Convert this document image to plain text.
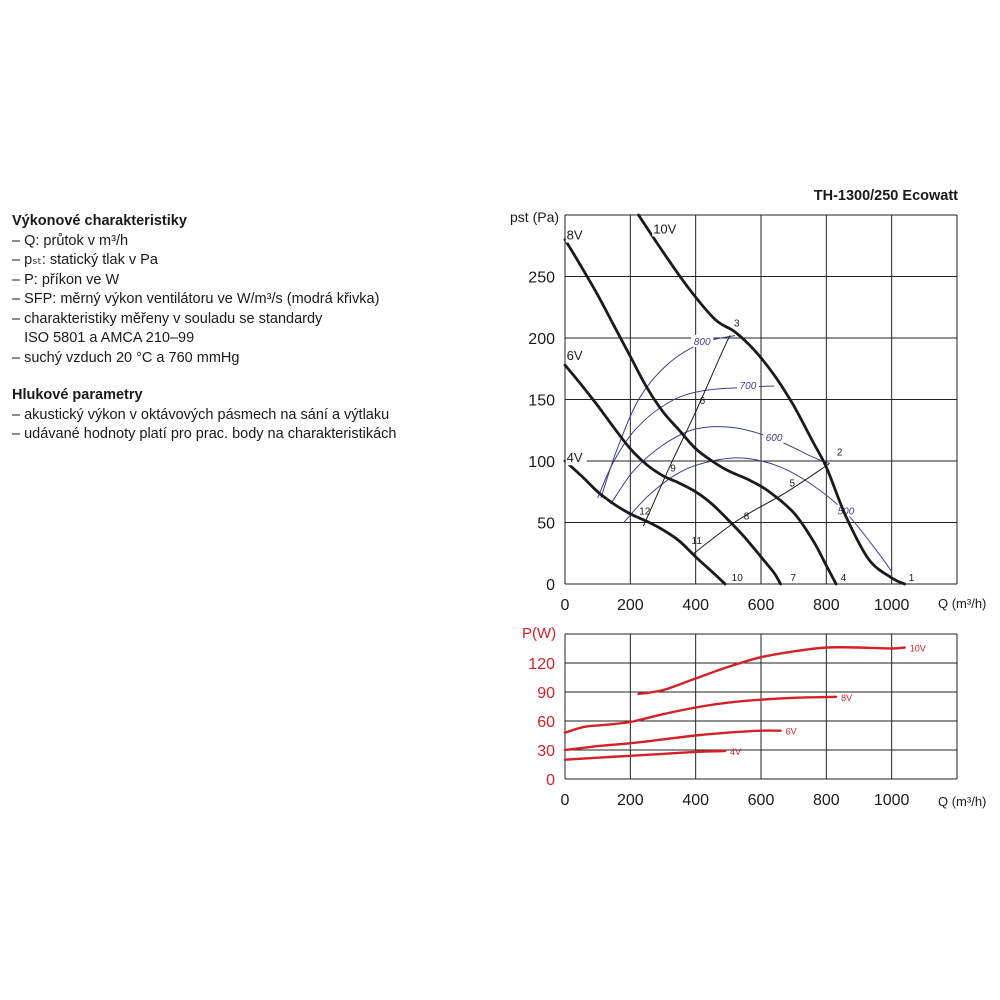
Výkonové charakteristiky

– Q: průtok v m³/h

– pₛₜ: statický tlak v Pa

– P: příkon ve W

– SFP: měrný výkon ventilátoru ve W/m³/s (modrá křivka)

– charakteristiky měřeny v souladu se standardy

ISO 5801 a AMCA 210–99

– suchý vzduch 20 °C a 760 mmHg

Hlukové parametry

– akustický výkon v oktávových pásmech na sání a výtlaku

– udávané hodnoty platí pro prac. body na charakteristikách

TH-1300/250 Ecowatt
pst (Pa)
Q (m³/h)
800
700
600
500
1
2
3
4
5
6
7
8
9
10
11
12
10V
8V
6V
4V
0	200 400 600 800 1000
0
50
100
150
200
250
P(W)
Q (m³/h)
10V
8V
6V
4V
0	200 400 600 800 1000
0
30
60
90
120
